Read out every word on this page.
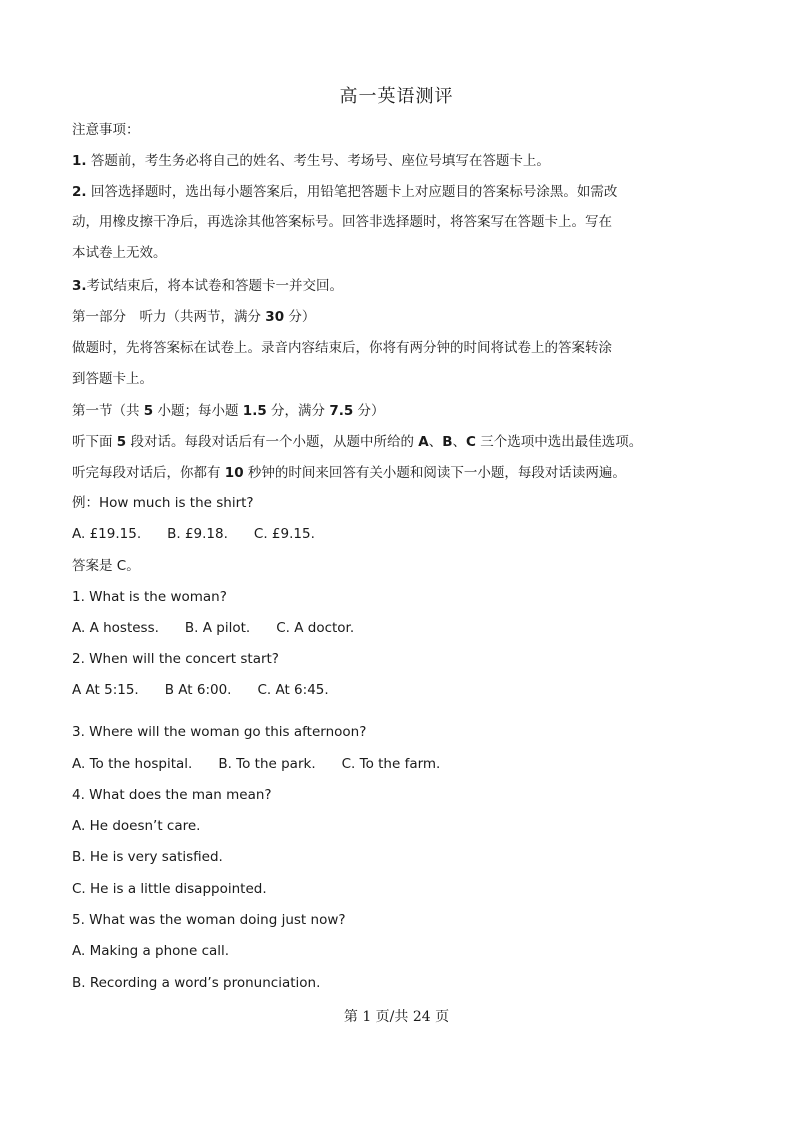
高一英语测评
注意事项：
1. 答题前，考生务必将自己的姓名、考生号、考场号、座位号填写在答题卡上。
2. 回答选择题时，选出每小题答案后，用铅笔把答题卡上对应题目的答案标号涂黑。如需改
动，用橡皮擦干净后，再选涂其他答案标号。回答非选择题时，将答案写在答题卡上。写在
本试卷上无效。
3.考试结束后，将本试卷和答题卡一并交回。
第一部分　听力（共两节，满分 30 分）
做题时，先将答案标在试卷上。录音内容结束后，你将有两分钟的时间将试卷上的答案转涂
到答题卡上。
第一节（共 5 小题；每小题 1.5 分，满分 7.5 分）
听下面 5 段对话。每段对话后有一个小题，从题中所给的 A、B、C 三个选项中选出最佳选项。
听完每段对话后，你都有 10 秒钟的时间来回答有关小题和阅读下一小题，每段对话读两遍。
例：How much is the shirt?
A. £19.15. B. £9.18. C. £9.15.
答案是 C。
1. What is the woman?
A. A hostess. B. A pilot. C. A doctor.
2. When will the concert start?
A At 5:15. B At 6:00. C. At 6:45.
3. Where will the woman go this afternoon?
A. To the hospital. B. To the park. C. To the farm.
4. What does the man mean?
A. He doesn’t care.
B. He is very satisfied.
C. He is a little disappointed.
5. What was the woman doing just now?
A. Making a phone call.
B. Recording a word’s pronunciation.
第 1 页/共 24 页
